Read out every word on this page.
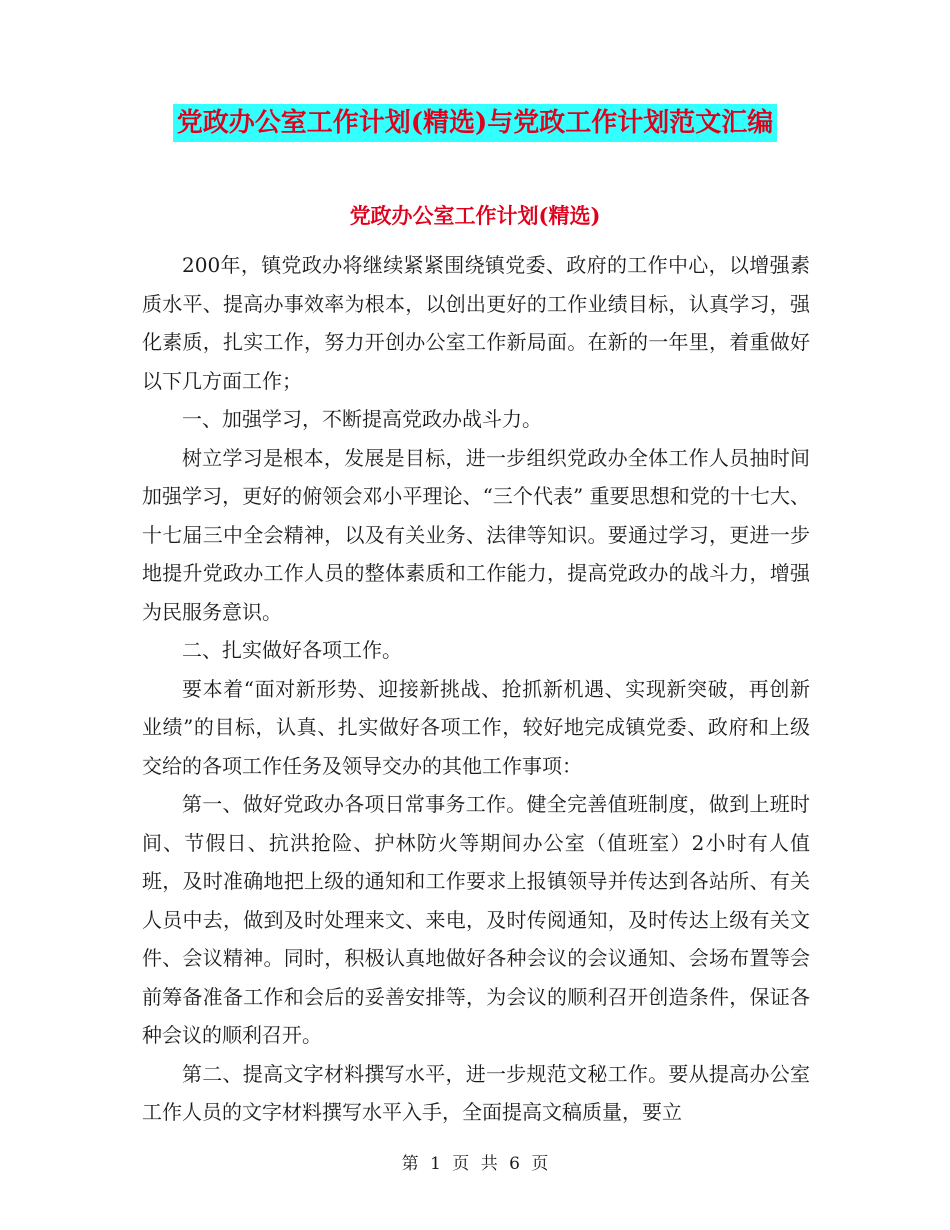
党政办公室工作计划(精选)与党政工作计划范文汇编
党政办公室工作计划(精选)

200年，镇党政办将继续紧紧围绕镇党委、政府的工作中心，以增强素质水平、提高办事效率为根本，以创出更好的工作业绩目标，认真学习，强化素质，扎实工作，努力开创办公室工作新局面。在新的一年里，着重做好以下几方面工作；

一、加强学习，不断提高党政办战斗力。

树立学习是根本，发展是目标，进一步组织党政办全体工作人员抽时间加强学习，更好的俯领会邓小平理论、“三个代表” 重要思想和党的十七大、十七届三中全会精神，以及有关业务、法律等知识。要通过学习，更进一步地提升党政办工作人员的整体素质和工作能力，提高党政办的战斗力，增强为民服务意识。

二、扎实做好各项工作。

要本着“面对新形势、迎接新挑战、抢抓新机遇、实现新突破，再创新业绩”的目标，认真、扎实做好各项工作，较好地完成镇党委、政府和上级交给的各项工作任务及领导交办的其他工作事项：

第一、做好党政办各项日常事务工作。健全完善值班制度，做到上班时间、节假日、抗洪抢险、护林防火等期间办公室（值班室）2小时有人值班，及时准确地把上级的通知和工作要求上报镇领导并传达到各站所、有关人员中去，做到及时处理来文、来电，及时传阅通知，及时传达上级有关文件、会议精神。同时，积极认真地做好各种会议的会议通知、会场布置等会前筹备准备工作和会后的妥善安排等，为会议的顺利召开创造条件，保证各种会议的顺利召开。

第二、提高文字材料撰写水平，进一步规范文秘工作。要从提高办公室工作人员的文字材料撰写水平入手，全面提高文稿质量，要立

第 1 页 共 6 页
